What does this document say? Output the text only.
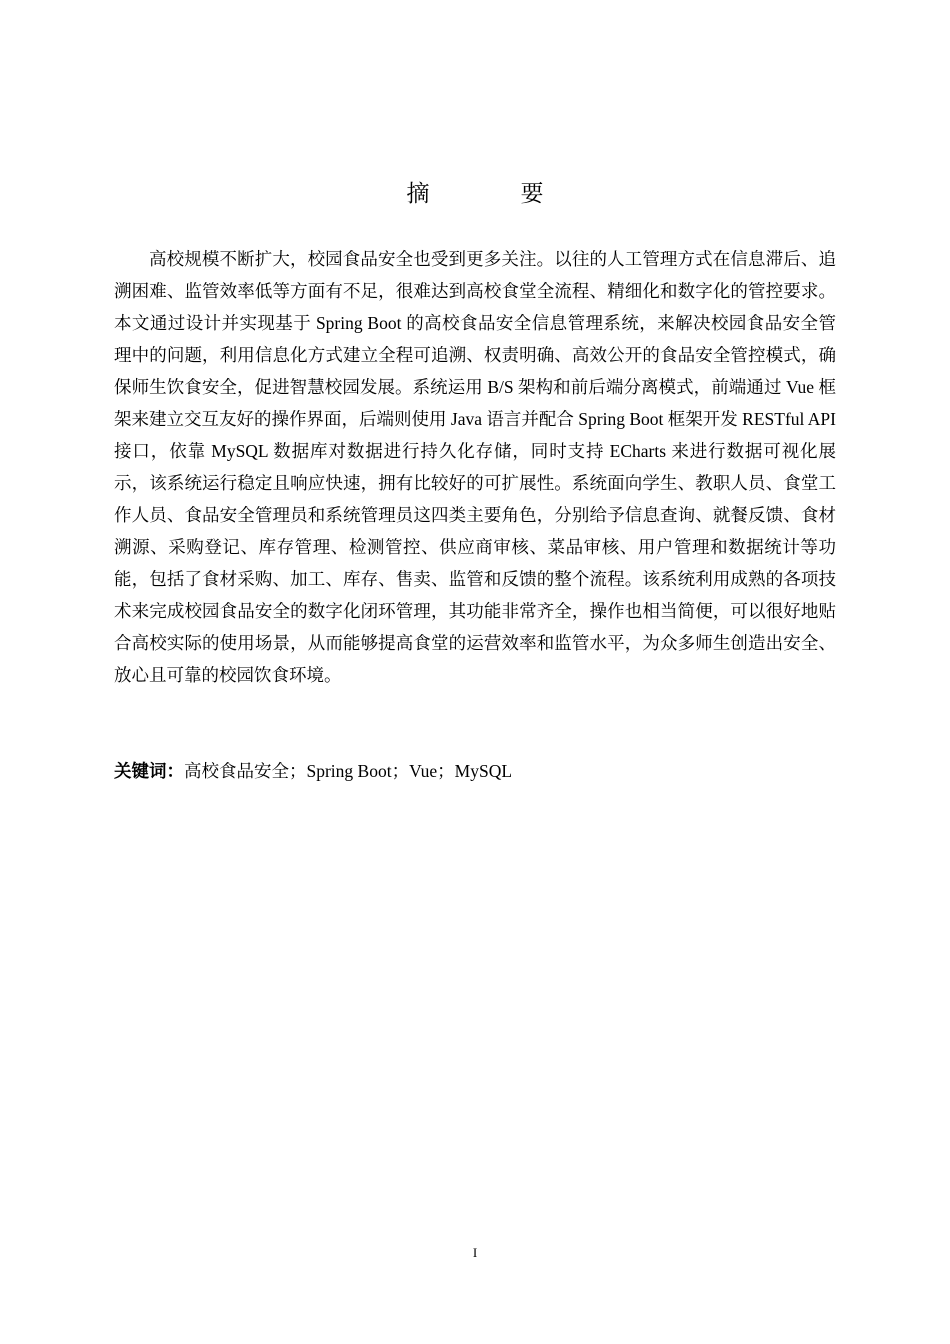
摘　要

高校规模不断扩大，校园食品安全也受到更多关注。以往的人工管理方式在信息滞后、追溯困难、监管效率低等方面有不足，很难达到高校食堂全流程、精细化和数字化的管控要求。本文通过设计并实现基于 Spring Boot 的高校食品安全信息管理系统，来解决校园食品安全管理中的问题，利用信息化方式建立全程可追溯、权责明确、高效公开的食品安全管控模式，确保师生饮食安全，促进智慧校园发展。系统运用 B/S 架构和前后端分离模式，前端通过 Vue 框架来建立交互友好的操作界面，后端则使用 Java 语言并配合 Spring Boot 框架开发 RESTful API 接口，依靠 MySQL 数据库对数据进行持久化存储，同时支持 ECharts 来进行数据可视化展示，该系统运行稳定且响应快速，拥有比较好的可扩展性。系统面向学生、教职人员、食堂工作人员、食品安全管理员和系统管理员这四类主要角色，分别给予信息查询、就餐反馈、食材溯源、采购登记、库存管理、检测管控、供应商审核、菜品审核、用户管理和数据统计等功能，包括了食材采购、加工、库存、售卖、监管和反馈的整个流程。该系统利用成熟的各项技术来完成校园食品安全的数字化闭环管理，其功能非常齐全，操作也相当简便，可以很好地贴合高校实际的使用场景，从而能够提高食堂的运营效率和监管水平，为众多师生创造出安全、放心且可靠的校园饮食环境。

关键词：高校食品安全；Spring Boot；Vue；MySQL

I
